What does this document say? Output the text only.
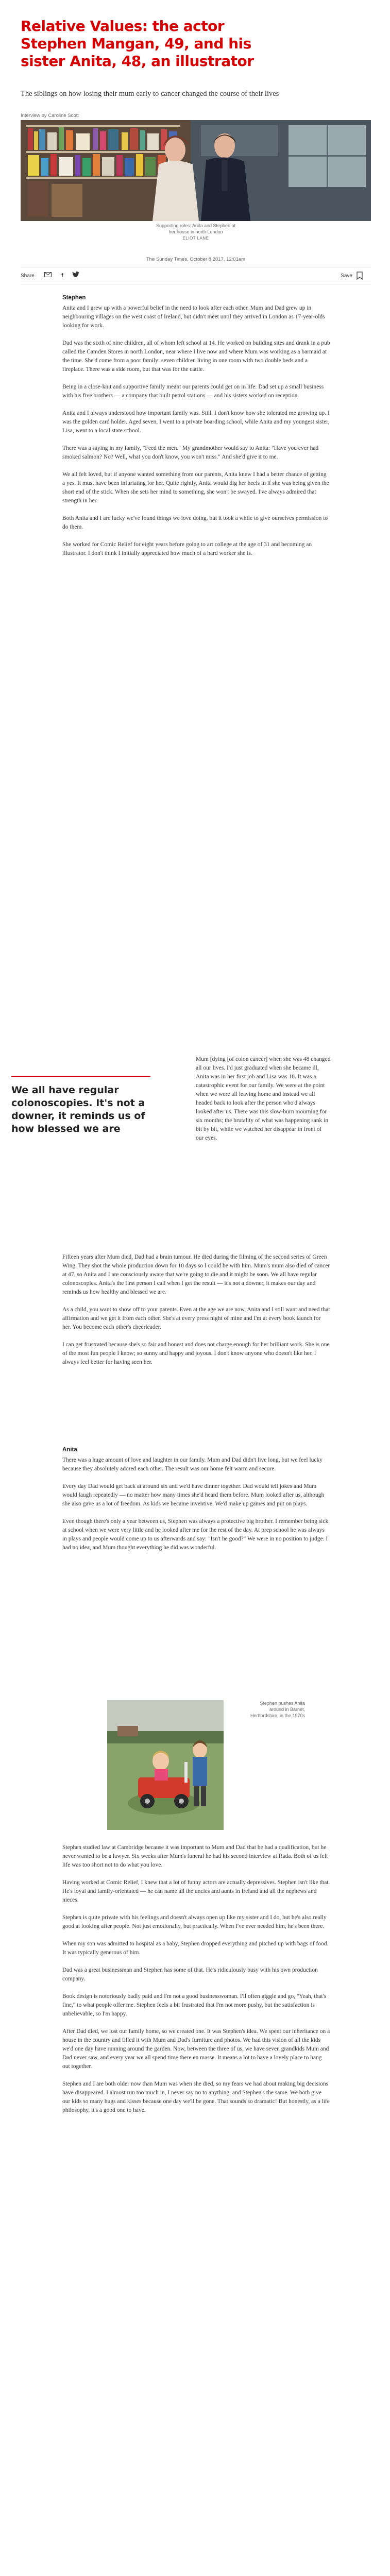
Relative Values: the actor Stephen Mangan, 49, and his sister Anita, 48, an illustrator

The siblings on how losing their mum early to cancer changed the course of their lives

Interview by Caroline Scott
Supporting roles: Anita and Stephen at her house in north London
ELIOT LANE
The Sunday Times, October 8 2017, 12:01am
Share	f	Save
Stephen

Anita and I grew up with a powerful belief in the need to look after each other. Mum and Dad grew up in neighbouring villages on the west coast of Ireland, but didn't meet until they arrived in London as 17-year-olds looking for work.

Dad was the sixth of nine children, all of whom left school at 14. He worked on building sites and drank in a pub called the Camden Stores in north London, near where I live now and where Mum was working as a barmaid at the time. She'd come from a poor family: seven children living in one room with two double beds and a fireplace. There was a side room, but that was for the cattle.

Being in a close-knit and supportive family meant our parents could get on in life: Dad set up a small business with his five brothers — a company that built petrol stations — and his sisters worked on reception.

Anita and I always understood how important family was. Still, I don't know how she tolerated me growing up. I was the golden card holder. Aged seven, I went to a private boarding school, while Anita and my youngest sister, Lisa, went to a local state school.

There was a saying in my family, "Feed the men." My grandmother would say to Anita: "Have you ever had smoked salmon? No? Well, what you don't know, you won't miss." And she'd give it to me.

We all felt loved, but if anyone wanted something from our parents, Anita knew I had a better chance of getting a yes. It must have been infuriating for her. Quite rightly, Anita would dig her heels in if she was being given the short end of the stick. When she sets her mind to something, she won't be swayed. I've always admired that strength in her.

Both Anita and I are lucky we've found things we love doing, but it took a while to give ourselves permission to do them.

She worked for Comic Relief for eight years before going to art college at the age of 31 and becoming an illustrator. I don't think I initially appreciated how much of a hard worker she is.

We all have regular colonoscopies. It's not a downer, it reminds us of how blessed we are

Mum [dying [of colon cancer] when she was 48 changed all our lives. I'd just graduated when she became ill, Anita was in her first job and Lisa was 18. It was a catastrophic event for our family. We were at the point when we were all leaving home and instead we all headed back to look after the person who'd always looked after us. There was this slow-burn mourning for six months; the brutality of what was happening sank in bit by bit, while we watched her disappear in front of our eyes.

Fifteen years after Mum died, Dad had a brain tumour. He died during the filming of the second series of Green Wing. They shot the whole production down for 10 days so I could be with him. Mum's mum also died of cancer at 47, so Anita and I are consciously aware that we're going to die and it might be soon. We all have regular colonoscopies. Anita's the first person I call when I get the result — it's not a downer, it makes our day and reminds us how healthy and blessed we are.

As a child, you want to show off to your parents. Even at the age we are now, Anita and I still want and need that affirmation and we get it from each other. She's at every press night of mine and I'm at every book launch for her. You become each other's cheerleader.

I can get frustrated because she's so fair and honest and does not charge enough for her brilliant work. She is one of the most fun people I know; so sunny and happy and joyous. I don't know anyone who doesn't like her. I always feel better for having seen her.

Anita

There was a huge amount of love and laughter in our family. Mum and Dad didn't live long, but we feel lucky because they absolutely adored each other. The result was our home felt warm and secure.

Every day Dad would get back at around six and we'd have dinner together. Dad would tell jokes and Mum would laugh repeatedly — no matter how many times she'd heard them before. Mum looked after us, although she also gave us a lot of freedom. As kids we became inventive. We'd make up games and put on plays.

Even though there's only a year between us, Stephen was always a protective big brother. I remember being sick at school when we were very little and he looked after me for the rest of the day. At prep school he was always in plays and people would come up to us afterwards and say: "Isn't he good?" We were in no position to judge. I had no idea, and Mum thought everything he did was wonderful.

Stephen pushes Anita around in Barnet, Hertfordshire, in the 1970s

Stephen studied law at Cambridge because it was important to Mum and Dad that he had a qualification, but he never wanted to be a lawyer. Six weeks after Mum's funeral he had his second interview at Rada. Both of us felt life was too short not to do what you love.

Having worked at Comic Relief, I knew that a lot of funny actors are actually depressives. Stephen isn't like that. He's loyal and family-orientated — he can name all the uncles and aunts in Ireland and all the nephews and nieces.

Stephen is quite private with his feelings and doesn't always open up like my sister and I do, but he's also really good at looking after people. Not just emotionally, but practically. When I've ever needed him, he's been there.

When my son was admitted to hospital as a baby, Stephen dropped everything and pitched up with bags of food. It was typically generous of him.

Dad was a great businessman and Stephen has some of that. He's ridiculously busy with his own production company.

Book design is notoriously badly paid and I'm not a good businesswoman. I'll often giggle and go, "Yeah, that's fine," to what people offer me. Stephen feels a bit frustrated that I'm not more pushy, but the satisfaction is unbelievable, so I'm happy.

After Dad died, we lost our family home, so we created one. It was Stephen's idea. We spent our inheritance on a house in the country and filled it with Mum and Dad's furniture and photos. We had this vision of all the kids we'd one day have running around the garden. Now, between the three of us, we have seven grandkids Mum and Dad never saw, and every year we all spend time there en masse. It means a lot to have a lovely place to hang out together.

Stephen and I are both older now than Mum was when she died, so my fears we had about making big decisions have disappeared. I almost run too much in, I never say no to anything, and Stephen's the same. We both give our kids so many hugs and kisses because one day we'll be gone. That sounds so dramatic! But honestly, as a life philosophy, it's a good one to have.
